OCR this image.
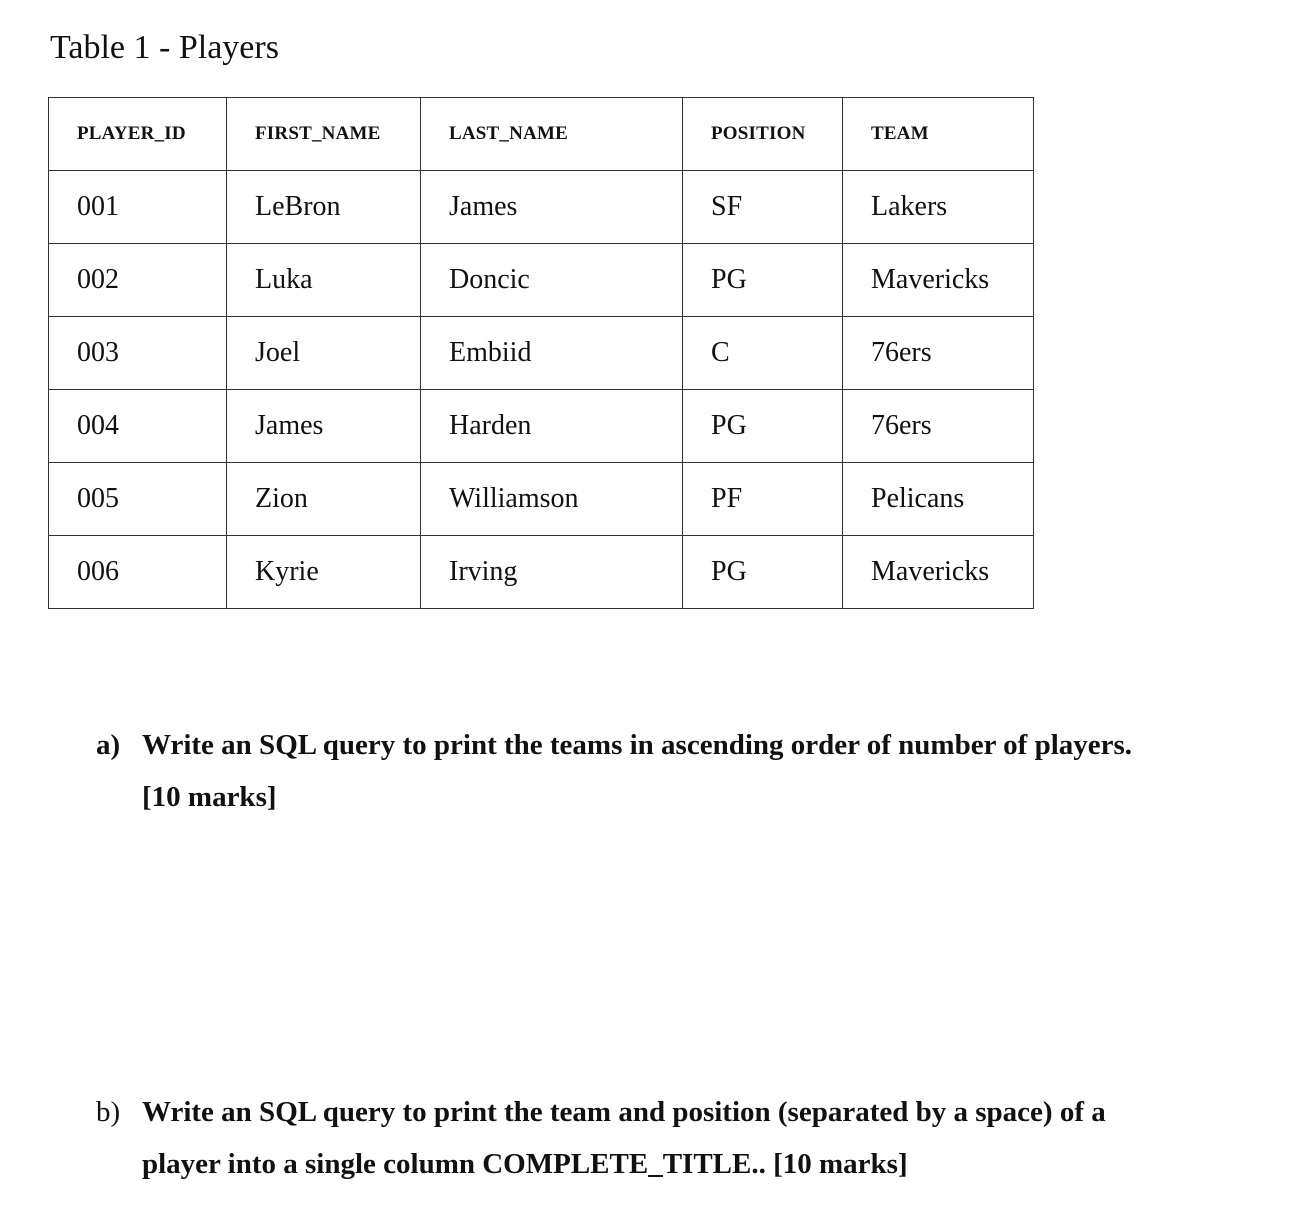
Table 1 - Players
PLAYER_ID	FIRST_NAME	LAST_NAME	POSITION	TEAM
001	LeBron	James	SF	Lakers
002	Luka	Doncic	PG	Mavericks
003	Joel	Embiid	C	76ers
004	James	Harden	PG	76ers
005	Zion	Williamson	PF	Pelicans
006	Kyrie	Irving	PG	Mavericks
a) Write an SQL query to print the teams in ascending order of number of players.
[10 marks]
b) Write an SQL query to print the team and position (separated by a space) of a
player into a single column COMPLETE_TITLE.. [10 marks]
